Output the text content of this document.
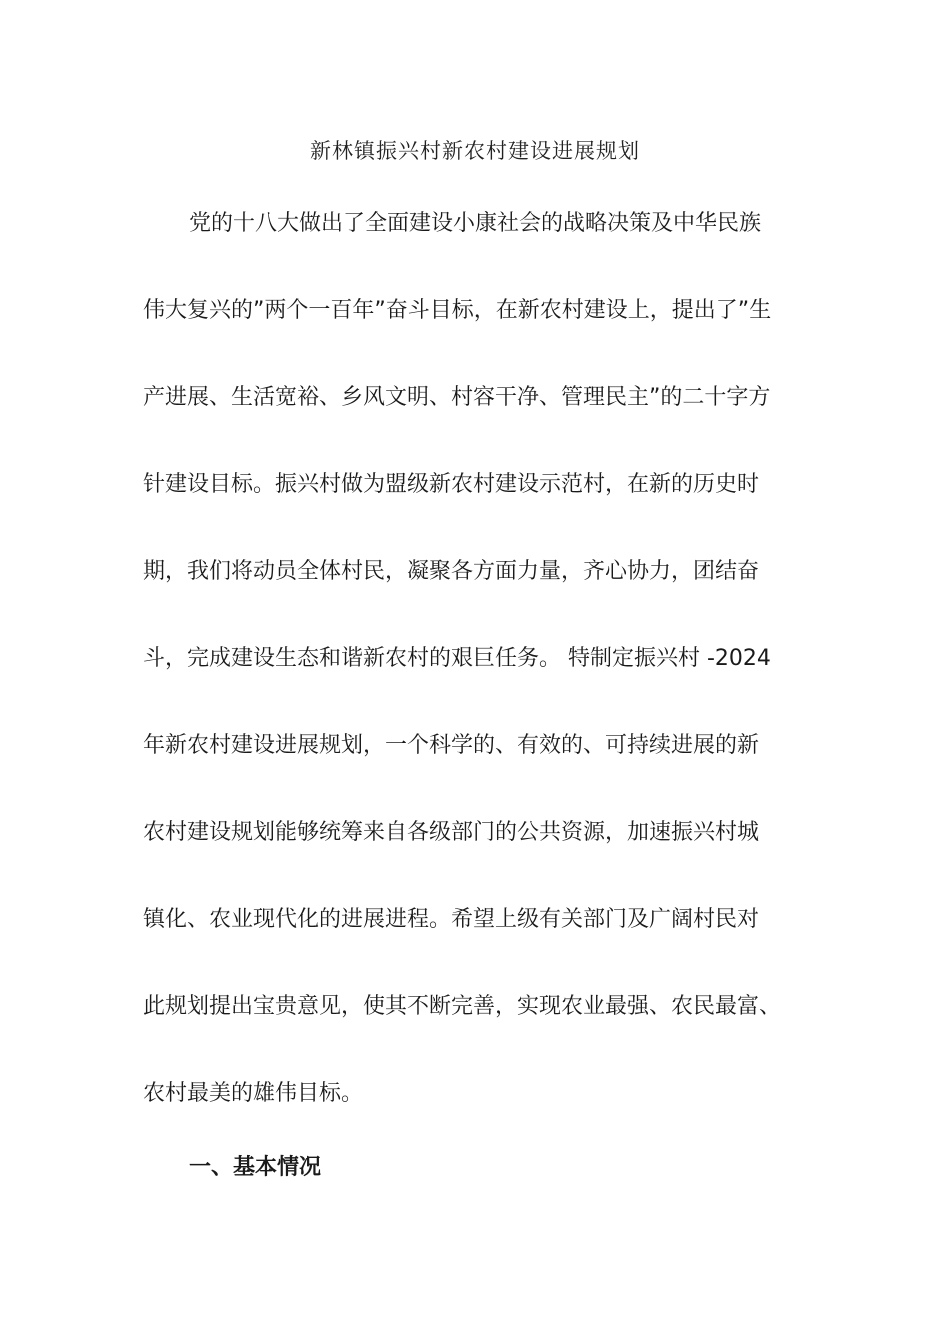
新林镇振兴村新农村建设进展规划
党的十八大做出了全面建设小康社会的战略决策及中华民族
伟大复兴的”两个一百年”奋斗目标，在新农村建设上，提出了”生
产进展、生活宽裕、乡风文明、村容干净、管理民主”的二十字方
针建设目标。振兴村做为盟级新农村建设示范村，在新的历史时
期，我们将动员全体村民，凝聚各方面力量，齐心协力，团结奋
斗，完成建设生态和谐新农村的艰巨任务。 特制定振兴村 -2024
年新农村建设进展规划，一个科学的、有效的、可持续进展的新
农村建设规划能够统筹来自各级部门的公共资源，加速振兴村城
镇化、农业现代化的进展进程。希望上级有关部门及广阔村民对
此规划提出宝贵意见，使其不断完善，实现农业最强、农民最富、
农村最美的雄伟目标。
一、基本情况
